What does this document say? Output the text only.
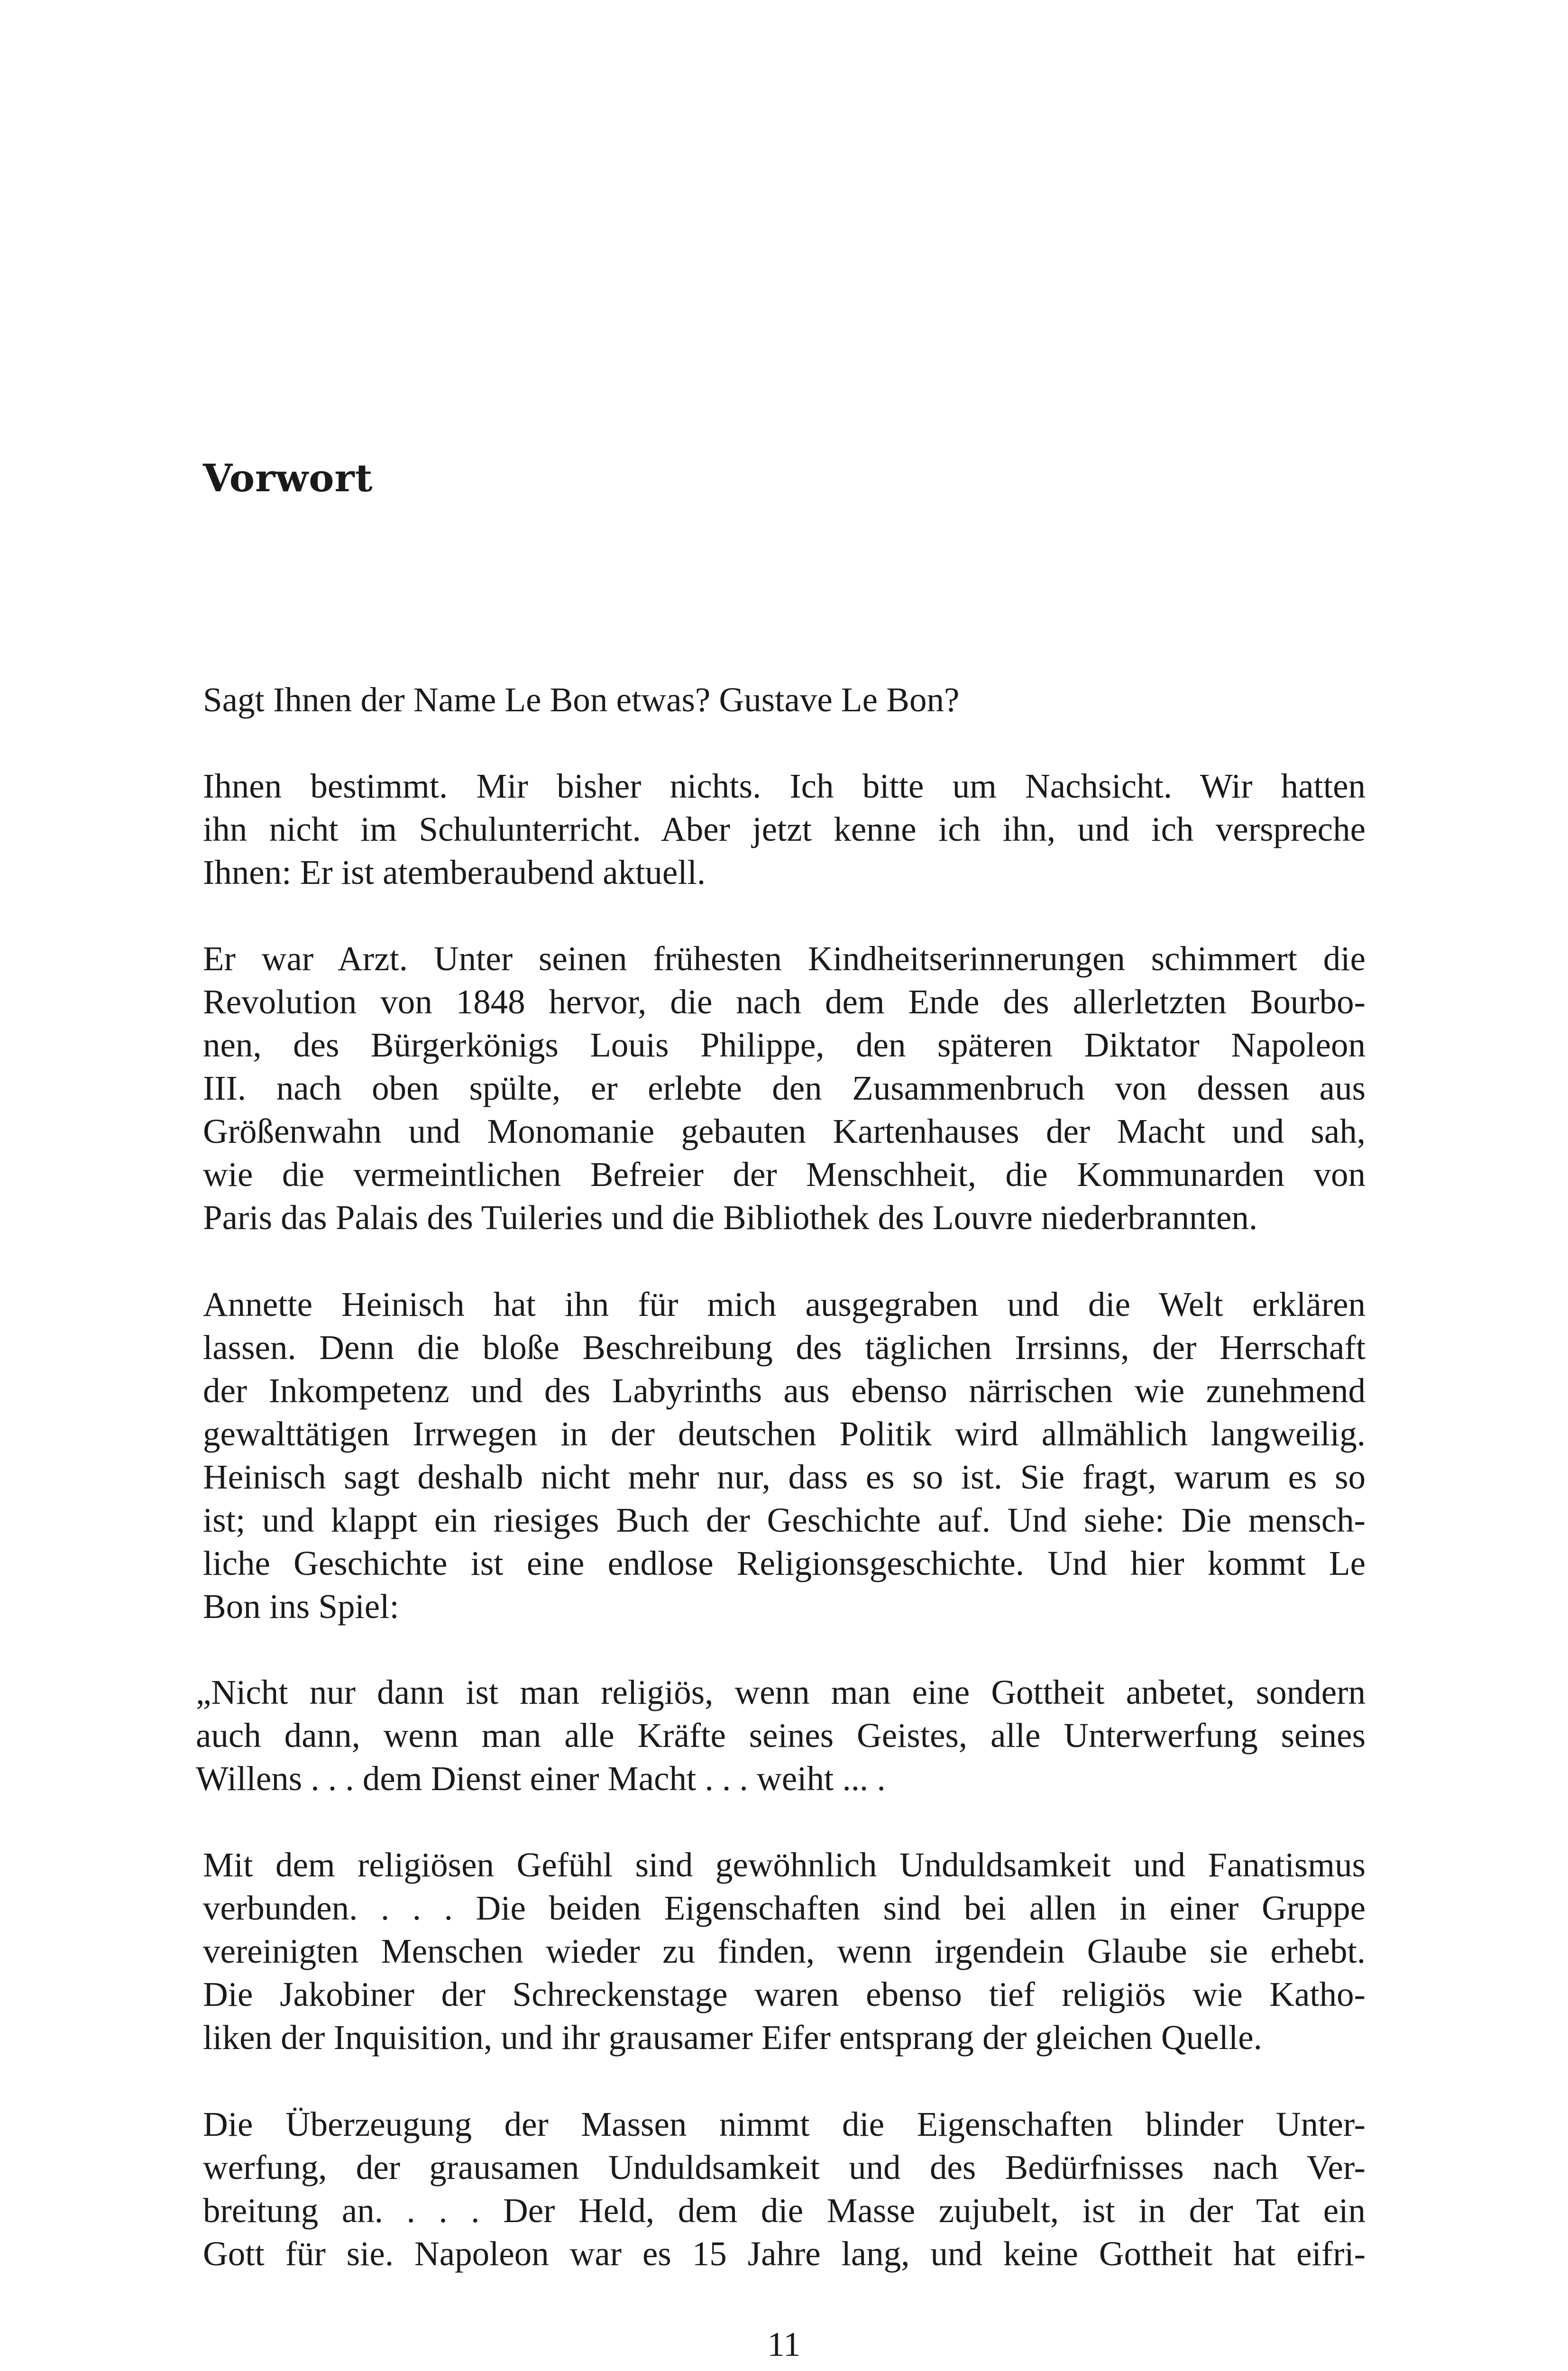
Vorwort
Sagt Ihnen der Name Le Bon etwas? Gustave Le Bon?
Ihnen bestimmt. Mir bisher nichts. Ich bitte um Nachsicht. Wir hatten
ihn nicht im Schulunterricht. Aber jetzt kenne ich ihn, und ich verspreche
Ihnen: Er ist atemberaubend aktuell.
Er war Arzt. Unter seinen frühesten Kindheitserinnerungen schimmert die
Revolution von 1848 hervor, die nach dem Ende des allerletzten Bourbo-
nen, des Bürgerkönigs Louis Philippe, den späteren Diktator Napoleon
III. nach oben spülte, er erlebte den Zusammenbruch von dessen aus
Größenwahn und Monomanie gebauten Kartenhauses der Macht und sah,
wie die vermeintlichen Befreier der Menschheit, die Kommunarden von
Paris das Palais des Tuileries und die Bibliothek des Louvre niederbrannten.
Annette Heinisch hat ihn für mich ausgegraben und die Welt erklären
lassen. Denn die bloße Beschreibung des täglichen Irrsinns, der Herrschaft
der Inkompetenz und des Labyrinths aus ebenso närrischen wie zunehmend
gewalttätigen Irrwegen in der deutschen Politik wird allmählich langweilig.
Heinisch sagt deshalb nicht mehr nur, dass es so ist. Sie fragt, warum es so
ist; und klappt ein riesiges Buch der Geschichte auf. Und siehe: Die mensch-
liche Geschichte ist eine endlose Religionsgeschichte. Und hier kommt Le
Bon ins Spiel:
„Nicht nur dann ist man religiös, wenn man eine Gottheit anbetet, sondern
auch dann, wenn man alle Kräfte seines Geistes, alle Unterwerfung seines
Willens . . . dem Dienst einer Macht . . . weiht ... .
Mit dem religiösen Gefühl sind gewöhnlich Unduldsamkeit und Fanatismus
verbunden. . . . Die beiden Eigenschaften sind bei allen in einer Gruppe
vereinigten Menschen wieder zu finden, wenn irgendein Glaube sie erhebt.
Die Jakobiner der Schreckenstage waren ebenso tief religiös wie Katho-
liken der Inquisition, und ihr grausamer Eifer entsprang der gleichen Quelle.
Die Überzeugung der Massen nimmt die Eigenschaften blinder Unter-
werfung, der grausamen Unduldsamkeit und des Bedürfnisses nach Ver-
breitung an. . . . Der Held, dem die Masse zujubelt, ist in der Tat ein
Gott für sie. Napoleon war es 15 Jahre lang, und keine Gottheit hat eifri-
11
